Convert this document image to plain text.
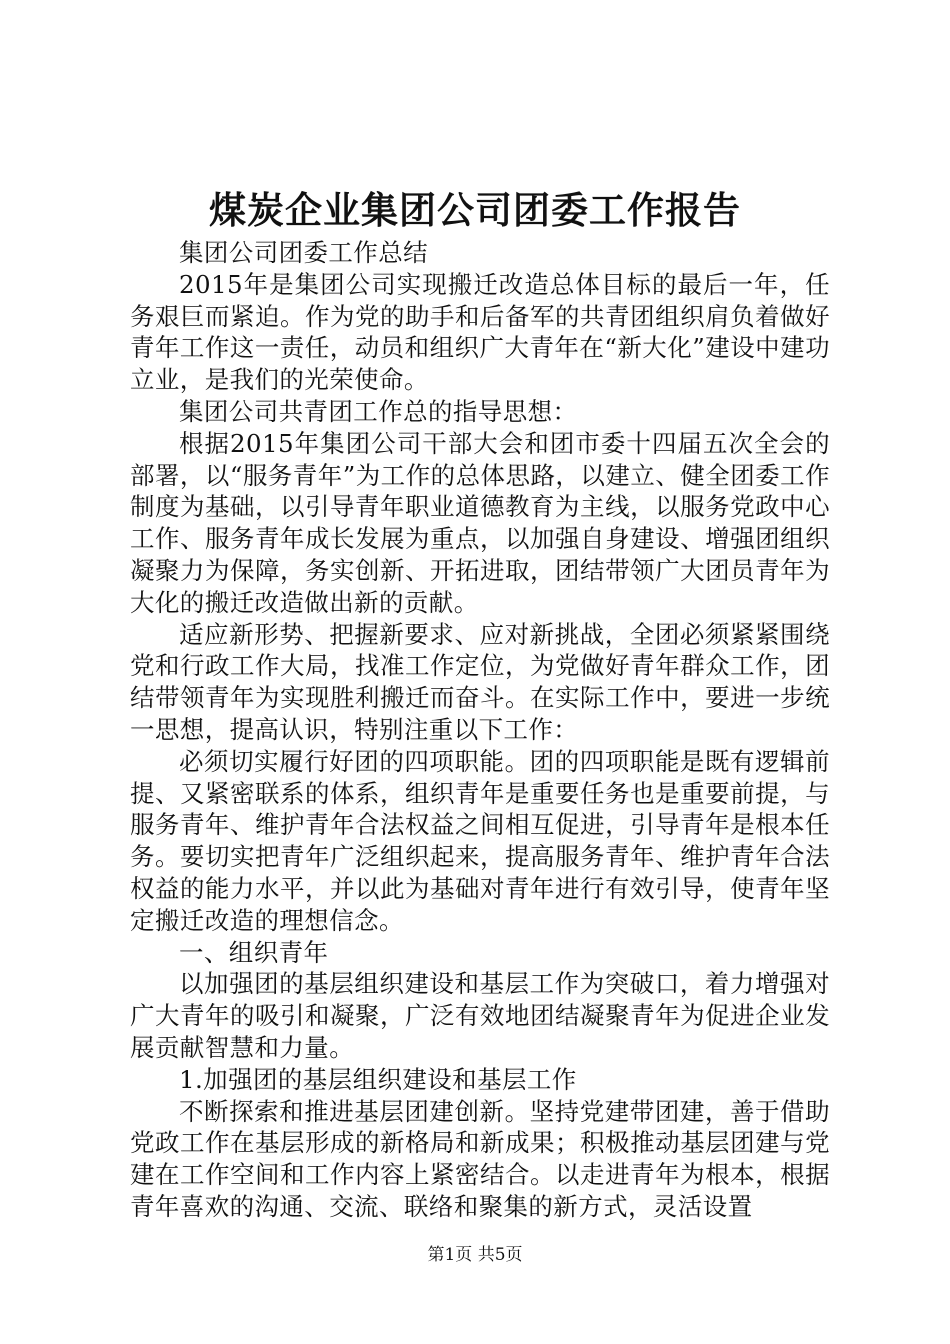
煤炭企业集团公司团委工作报告

集团公司团委工作总结

2015年是集团公司实现搬迁改造总体目标的最后一年，任务艰巨而紧迫。作为党的助手和后备军的共青团组织肩负着做好青年工作这一责任，动员和组织广大青年在“新大化”建设中建功立业，是我们的光荣使命。

集团公司共青团工作总的指导思想：

根据2015年集团公司干部大会和团市委十四届五次全会的部署，以“服务青年”为工作的总体思路，以建立、健全团委工作制度为基础，以引导青年职业道德教育为主线，以服务党政中心工作、服务青年成长发展为重点，以加强自身建设、增强团组织凝聚力为保障，务实创新、开拓进取，团结带领广大团员青年为大化的搬迁改造做出新的贡献。

适应新形势、把握新要求、应对新挑战，全团必须紧紧围绕党和行政工作大局，找准工作定位，为党做好青年群众工作，团结带领青年为实现胜利搬迁而奋斗。在实际工作中，要进一步统一思想，提高认识，特别注重以下工作：

必须切实履行好团的四项职能。团的四项职能是既有逻辑前提、又紧密联系的体系，组织青年是重要任务也是重要前提，与服务青年、维护青年合法权益之间相互促进，引导青年是根本任务。要切实把青年广泛组织起来，提高服务青年、维护青年合法权益的能力水平，并以此为基础对青年进行有效引导，使青年坚定搬迁改造的理想信念。

一、组织青年

以加强团的基层组织建设和基层工作为突破口，着力增强对广大青年的吸引和凝聚，广泛有效地团结凝聚青年为促进企业发展贡献智慧和力量。

1.加强团的基层组织建设和基层工作

不断探索和推进基层团建创新。坚持党建带团建，善于借助党政工作在基层形成的新格局和新成果；积极推动基层团建与党建在工作空间和工作内容上紧密结合。以走进青年为根本，根据青年喜欢的沟通、交流、联络和聚集的新方式，灵活设置

第1页 共5页
